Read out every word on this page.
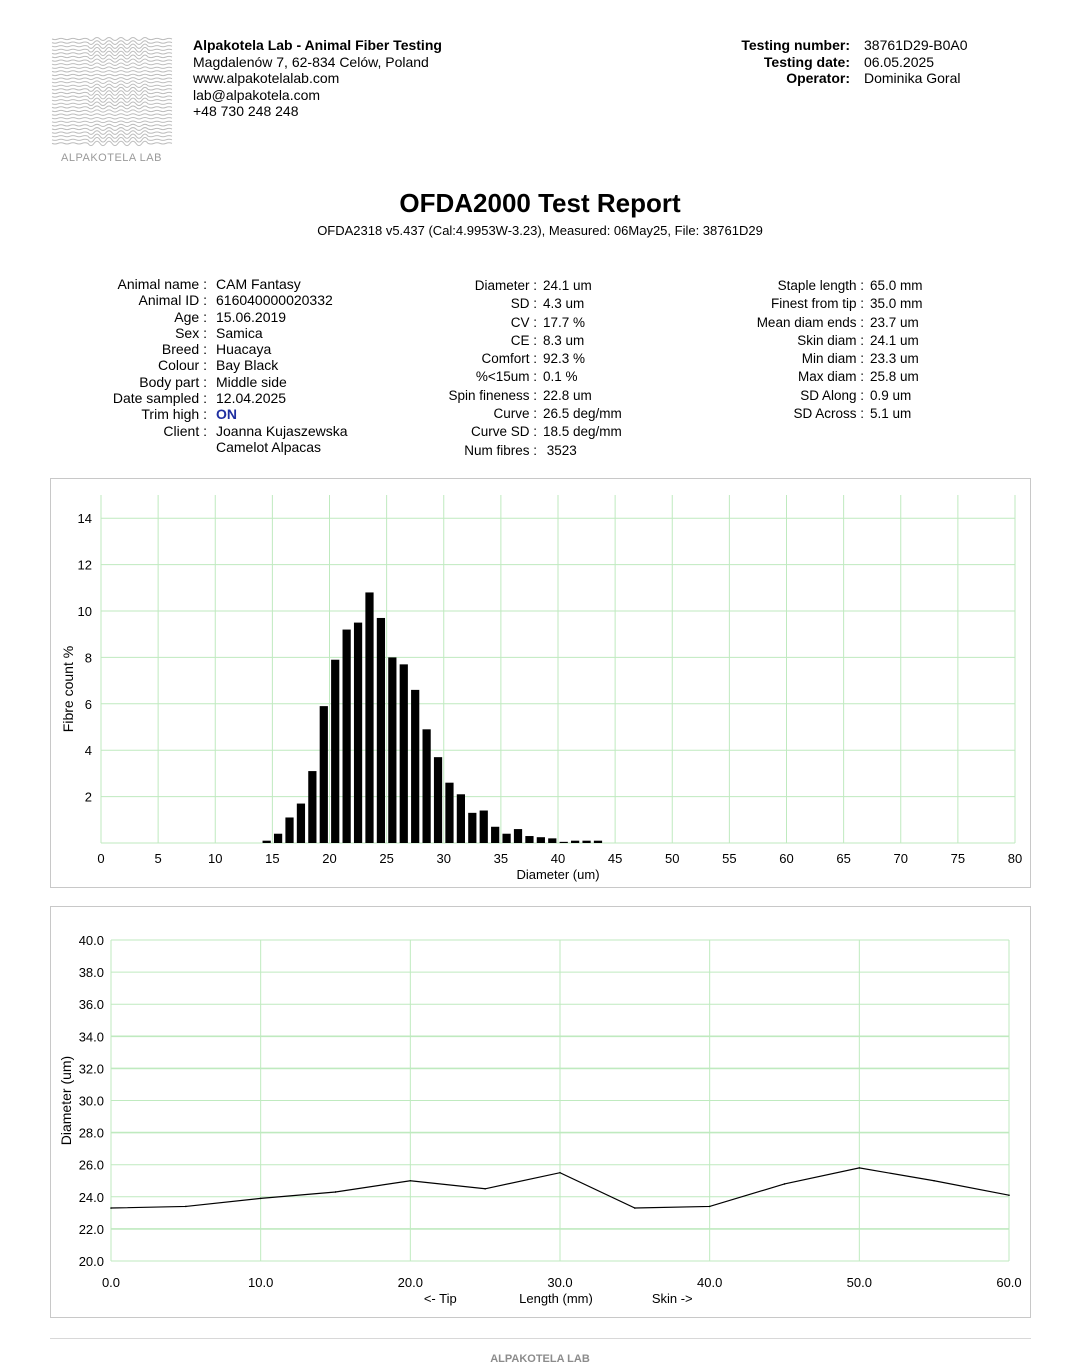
ALPAKOTELA LAB
Alpakotela Lab - Animal Fiber Testing
Magdalenów 7, 62-834 Celów, Poland
www.alpakotelalab.com
lab@alpakotela.com
+48 730 248 248
Testing number:	38761D29-B0A0
Testing date:	06.05.2025
Operator:	Dominika Goral
OFDA2000 Test Report
OFDA2318 v5.437 (Cal:4.9953W-3.23), Measured: 06May25, File: 38761D29
Animal name : CAM Fantasy
Animal ID : 616040000020332
Age : 15.06.2019
Sex : Samica
Breed : Huacaya
Colour : Bay Black
Body part : Middle side
Date sampled : 12.04.2025
Trim high : ON
Client : Joanna Kujaszewska
Camelot Alpacas
Diameter : 24.1 um
SD : 4.3 um
CV : 17.7 %
CE : 8.3 um
Comfort : 92.3 %
%<15um : 0.1 %
Spin fineness : 22.8 um
Curve : 26.5 deg/mm
Curve SD : 18.5 deg/mm
Num fibres : 3523
Staple length : 65.0 mm
Finest from tip : 35.0 mm
Mean diam ends : 23.7 um
Skin diam : 24.1 um
Min diam : 23.3 um
Max diam : 25.8 um
SD Along : 0.9 um
SD Across : 5.1 um
0	5	10	15	20	25	30	35	40	45	50	55	60	65	70	75	80
2
4
6
8
10
12
14
Diameter (um)
Fibre count %
0.0	10.0	20.0	30.0	40.0	50.0	60.0
20.0
22.0
24.0
26.0
28.0
30.0
32.0
34.0
36.0
38.0
40.0
Length (mm)
<- Tip	Skin ->
Diameter (um)
ALPAKOTELA LAB
